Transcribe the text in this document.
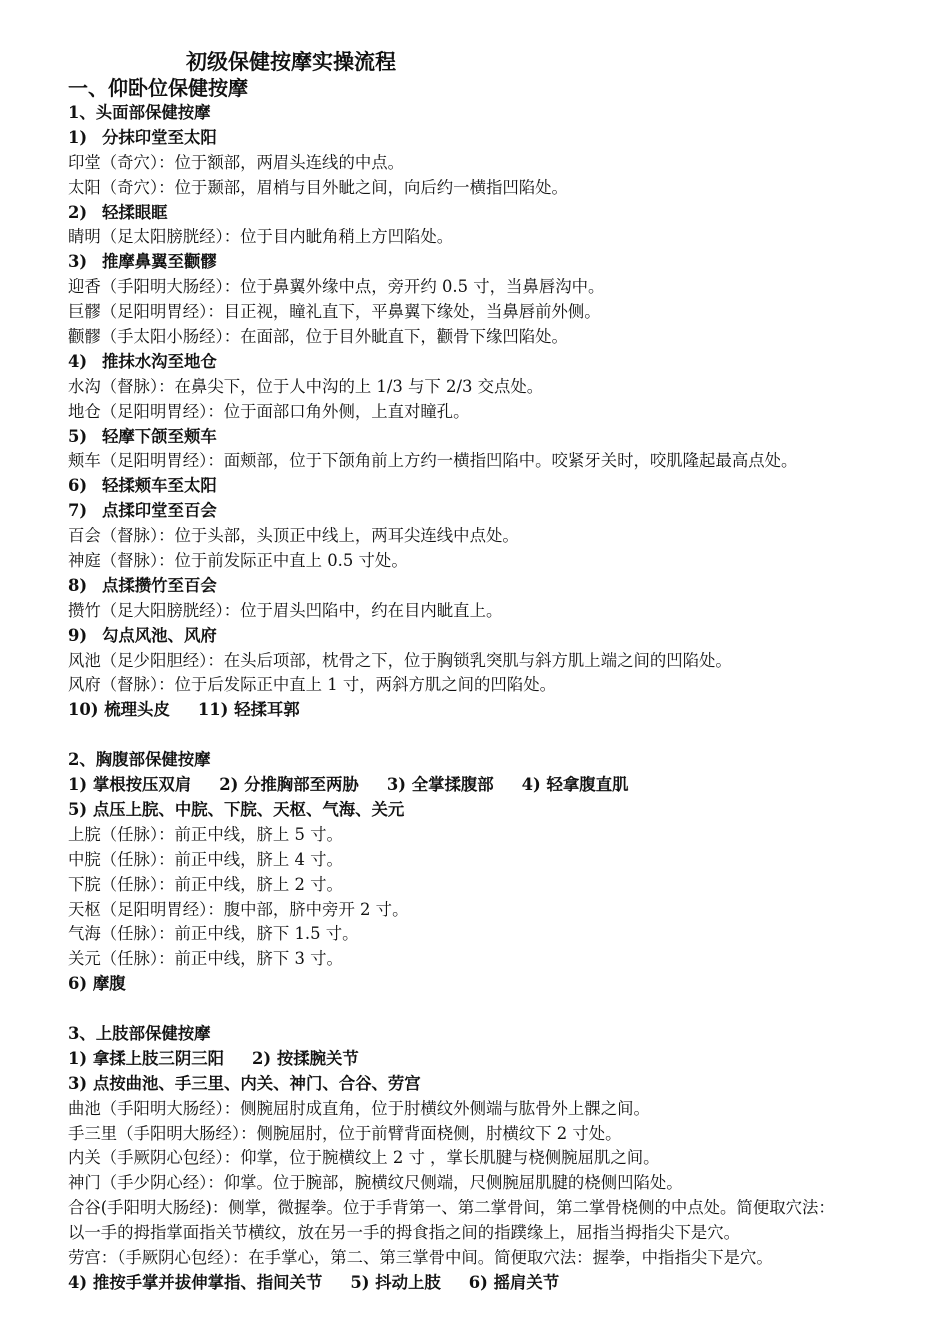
初级保健按摩实操流程
一、仰卧位保健按摩
1、头面部保健按摩
1) 分抹印堂至太阳
印堂（奇穴）：位于额部，两眉头连线的中点。
太阳（奇穴）：位于颞部，眉梢与目外眦之间，向后约一横指凹陷处。
2) 轻揉眼眶
睛明（足太阳膀胱经）：位于目内眦角稍上方凹陷处。
3) 推摩鼻翼至颧髎
迎香（手阳明大肠经）：位于鼻翼外缘中点，旁开约 0.5 寸，当鼻唇沟中。
巨髎（足阳明胃经）：目正视，瞳礼直下，平鼻翼下缘处，当鼻唇前外侧。
颧髎（手太阳小肠经）：在面部，位于目外眦直下，颧骨下缘凹陷处。
4) 推抹水沟至地仓
水沟（督脉）：在鼻尖下，位于人中沟的上 1/3 与下 2/3 交点处。
地仓（足阳明胃经）：位于面部口角外侧，上直对瞳孔。
5) 轻摩下颌至颊车
颊车（足阳明胃经）：面颊部，位于下颌角前上方约一横指凹陷中。咬紧牙关时，咬肌隆起最高点处。
6) 轻揉颊车至太阳
7) 点揉印堂至百会
百会（督脉）：位于头部，头顶正中线上，两耳尖连线中点处。
神庭（督脉）：位于前发际正中直上 0.5 寸处。
8) 点揉攒竹至百会
攒竹（足大阳膀胱经）：位于眉头凹陷中，约在目内眦直上。
9) 勾点风池、风府
风池（足少阳胆经）：在头后项部，枕骨之下，位于胸锁乳突肌与斜方肌上端之间的凹陷处。
风府（督脉）：位于后发际正中直上 1 寸，两斜方肌之间的凹陷处。
10) 梳理头皮 11) 轻揉耳郭
2、胸腹部保健按摩
1) 掌根按压双肩 2) 分推胸部至两胁 3) 全掌揉腹部 4) 轻拿腹直肌
5) 点压上脘、中脘、下脘、天枢、气海、关元
上脘（任脉）：前正中线，脐上 5 寸。
中脘（任脉）：前正中线，脐上 4 寸。
下脘（任脉）：前正中线，脐上 2 寸。
天枢（足阳明胃经）：腹中部，脐中旁开 2 寸。
气海（任脉）：前正中线，脐下 1.5 寸。
关元（任脉）：前正中线，脐下 3 寸。
6) 摩腹
3、上肢部保健按摩
1) 拿揉上肢三阴三阳 2) 按揉腕关节
3) 点按曲池、手三里、内关、神门、合谷、劳宫
曲池（手阳明大肠经）：侧腕屈肘成直角，位于肘横纹外侧端与肱骨外上髁之间。
手三里（手阳明大肠经）：侧腕屈肘，位于前臂背面桡侧，肘横纹下 2 寸处。
内关（手厥阴心包经）：仰掌，位于腕横纹上 2 寸 ，掌长肌腱与桡侧腕屈肌之间。
神门（手少阴心经）：仰掌。位于腕部，腕横纹尺侧端，尺侧腕屈肌腱的桡侧凹陷处。
合谷(手阳明大肠经)：侧掌，微握拳。位于手背第一、第二掌骨间，第二掌骨桡侧的中点处。简便取穴法：
以一手的拇指掌面指关节横纹，放在另一手的拇食指之间的指蹼缘上，屈指当拇指尖下是穴。
劳宫：（手厥阴心包经）：在手掌心，第二、第三掌骨中间。简便取穴法：握拳，中指指尖下是穴。
4) 推按手掌并拔伸掌指、指间关节 5) 抖动上肢 6) 摇肩关节
